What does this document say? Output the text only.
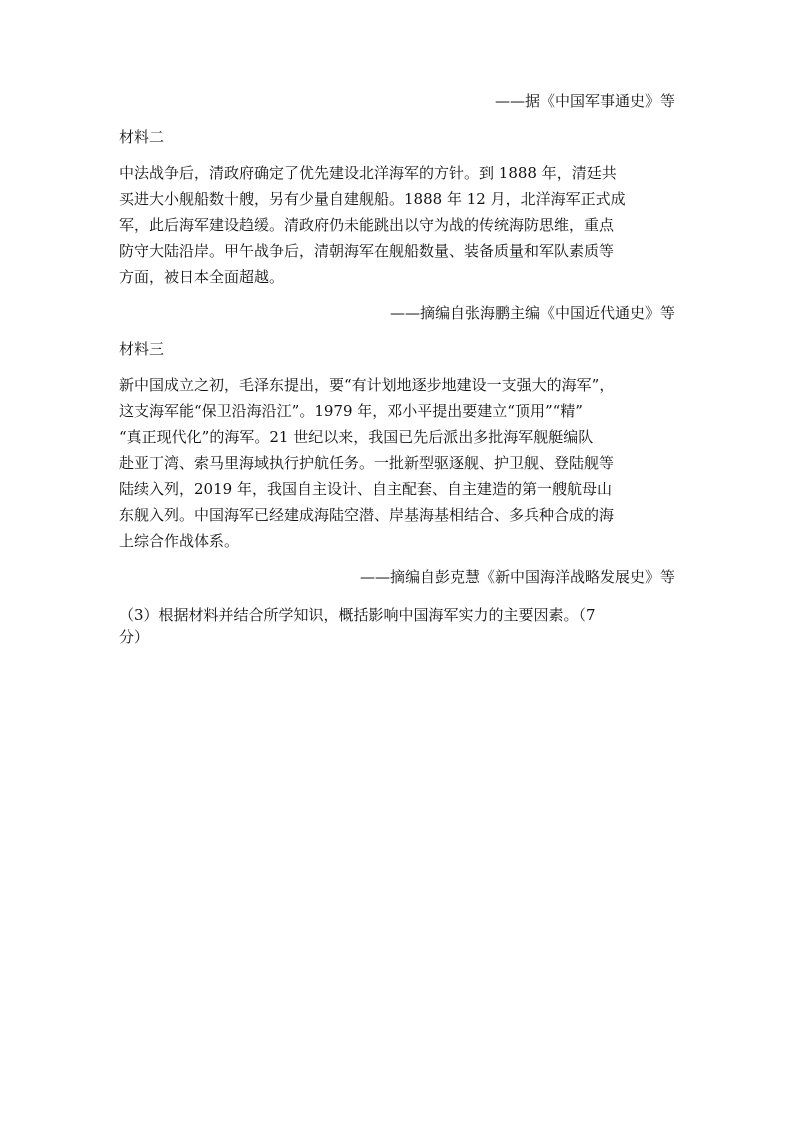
——据《中国军事通史》等

材料二

中法战争后，清政府确定了优先建设北洋海军的方针。到 1888 年，清廷共
买进大小舰船数十艘，另有少量自建舰船。1888 年 12 月，北洋海军正式成
军，此后海军建设趋缓。清政府仍未能跳出以守为战的传统海防思维，重点
防守大陆沿岸。甲午战争后，清朝海军在舰船数量、装备质量和军队素质等
方面，被日本全面超越。

——摘编自张海鹏主编《中国近代通史》等

材料三

新中国成立之初，毛泽东提出，要“有计划地逐步地建设一支强大的海军”，
这支海军能“保卫沿海沿江”。1979 年，邓小平提出要建立“顶用”“精”
“真正现代化”的海军。21 世纪以来，我国已先后派出多批海军舰艇编队
赴亚丁湾、索马里海域执行护航任务。一批新型驱逐舰、护卫舰、登陆舰等
陆续入列，2019 年，我国自主设计、自主配套、自主建造的第一艘航母山
东舰入列。中国海军已经建成海陆空潜、岸基海基相结合、多兵种合成的海
上综合作战体系。

——摘编自彭克慧《新中国海洋战略发展史》等

（3）根据材料并结合所学知识，概括影响中国海军实力的主要因素。（7
分）
